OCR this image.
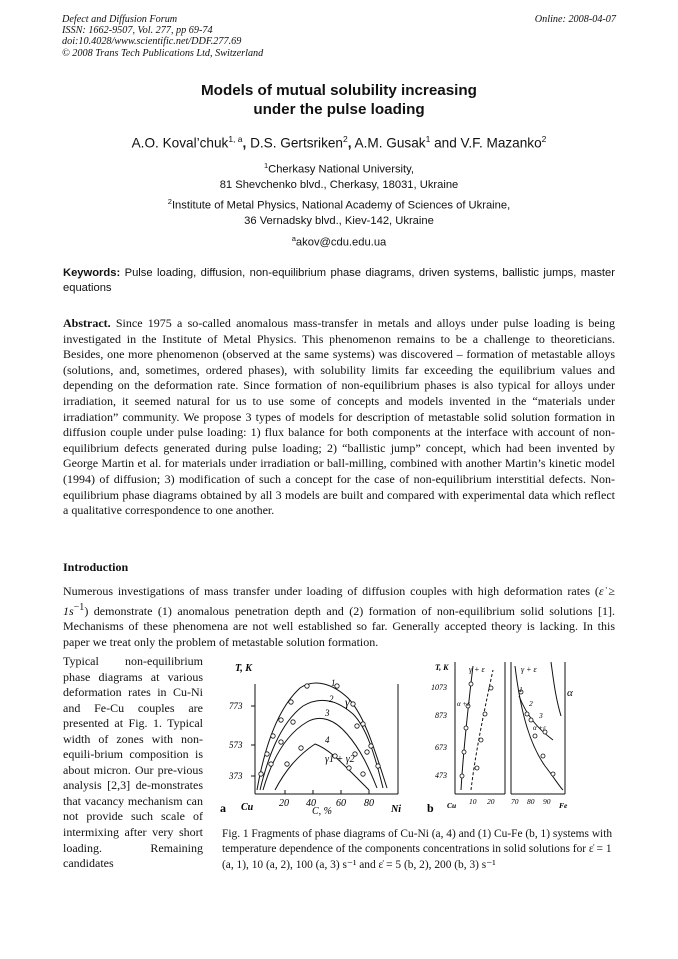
Defect and Diffusion Forum
ISSN: 1662-9507, Vol. 277, pp 69-74
doi:10.4028/www.scientific.net/DDF.277.69
© 2008 Trans Tech Publications Ltd, Switzerland
Online: 2008-04-07
Models of mutual solubility increasing
under the pulse loading
A.O. Koval’chuk$^{1, a}$, D.S. Gertsriken$^2$, A.M. Gusak$^1$ and V.F. Mazanko$^2$
$^1$Cherkasy National University,
81 Shevchenko blvd., Cherkasy, 18031, Ukraine
$^2$Institute of Metal Physics, National Academy of Sciences of Ukraine,
36 Vernadsky blvd., Kiev-142, Ukraine
$^a$akov@cdu.edu.ua
Keywords: Pulse loading, diffusion, non-equilibrium phase diagrams, driven systems, ballistic jumps, master equations
Abstract. Since 1975 a so-called anomalous mass-transfer in metals and alloys under pulse loading is being investigated in the Institute of Metal Physics. This phenomenon remains to be a challenge to theoreticians. Besides, one more phenomenon (observed at the same systems) was discovered – formation of metastable alloys (solutions, and, sometimes, ordered phases), with solubility limits far exceeding the equilibrium values and depending on the deformation rate. Since formation of non-equilibrium phases is also typical for alloys under irradiation, it seemed natural for us to use some of concepts and models invented in the “materials under irradiation” community. We propose 3 types of models for description of metastable solid solution formation in diffusion couple under pulse loading: 1) flux balance for both components at the interface with account of non-equilibrium defects generated during pulse loading; 2) “ballistic jump” concept, which had been invented by George Martin et al. for materials under irradiation or ball-milling, combined with another Martin’s kinetic model (1994) of diffusion; 3) modification of such a concept for the case of non-equilibrium interstitial defects. Non-equilibrium phase diagrams obtained by all 3 models are built and compared with experimental data which reflect a qualitative correspondence to one another.
Introduction
Numerous investigations of mass transfer under loading of diffusion couples with high deformation rates (ε̇ ≥ $1s^{-1}$) demonstrate (1) anomalous penetration depth and (2) formation of non-equilibrium solid solutions [1]. Mechanisms of these phenomena are not well established so far. Generally accepted theory is lacking. In this paper we treat only the problem of metastable solution formation.
Typical non-equilibrium phase diagrams at various deformation rates in Cu-Ni and Fe-Cu couples are presented at Fig. 1. Typical width of zones with non-equili-brium composition is about micron. Our pre-vious analysis [2,3] de-monstrates that vacancy mechanism can not provide such scale of intermixing after very short loading. Remaining candidates
T, K
373
573
773
a Cu	20 40
C, %
60 80
Ni
1
2
3
4
γ
γ1 + γ2
T, K
473
673
873
1073
b Cu 10 20 70 80 90 Fe
γ + ε	γ + ε
α +ε
α +ε
α
1
2
3
Fig. 1 Fragments of phase diagrams of Cu-Ni (a, 4) and (1) Cu-Fe (b, 1) systems with temperature dependence of the components concentrations in solid solutions for ε̇ = 1 (a, 1), 10 (a, 2), 100 (a, 3) s⁻¹ and ε̇ = 5 (b, 2), 200 (b, 3) s⁻¹
